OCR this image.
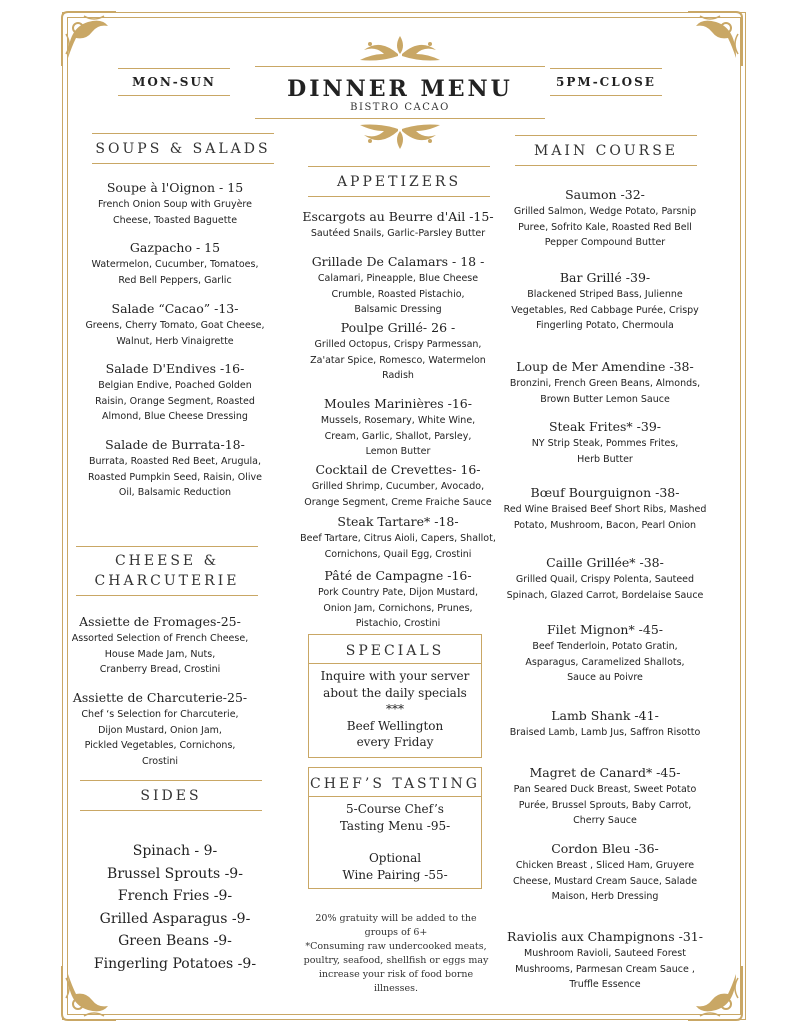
MON-SUN	5PM-CLOSE
DINNER MENU
BISTRO CACAO
SOUPS & SALADS
Soupe à l'Oignon - 15
French Onion Soup with Gruyère
Cheese, Toasted Baguette
Gazpacho - 15
Watermelon, Cucumber, Tomatoes,
Red Bell Peppers, Garlic
Salade “Cacao” -13-
Greens, Cherry Tomato, Goat Cheese,
Walnut, Herb Vinaigrette
Salade D'Endives -16-
Belgian Endive, Poached Golden
Raisin, Orange Segment, Roasted
Almond, Blue Cheese Dressing
Salade de Burrata-18-
Burrata, Roasted Red Beet, Arugula,
Roasted Pumpkin Seed, Raisin, Olive
Oil, Balsamic Reduction
CHEESE &
CHARCUTERIE
Assiette de Fromages-25-
Assorted Selection of French Cheese,
House Made Jam, Nuts,
Cranberry Bread, Crostini
Assiette de Charcuterie-25-
Chef ‘s Selection for Charcuterie,
Dijon Mustard, Onion Jam,
Pickled Vegetables, Cornichons,
Crostini
SIDES
Spinach - 9-
Brussel Sprouts -9-
French Fries -9-
Grilled Asparagus -9-
Green Beans -9-
Fingerling Potatoes -9-
APPETIZERS
Escargots au Beurre d'Ail -15-
Sautéed Snails, Garlic-Parsley Butter
Grillade De Calamars - 18 -
Calamari, Pineapple, Blue Cheese
Crumble, Roasted Pistachio,
Balsamic Dressing
Poulpe Grillé- 26 -
Grilled Octopus, Crispy Parmessan,
Za'atar Spice, Romesco, Watermelon
Radish
Moules Marinières -16-
Mussels, Rosemary, White Wine,
Cream, Garlic, Shallot, Parsley,
Lemon Butter
Cocktail de Crevettes- 16-
Grilled Shrimp, Cucumber, Avocado,
Orange Segment, Creme Fraiche Sauce
Steak Tartare* -18-
Beef Tartare, Citrus Aioli, Capers, Shallot,
Cornichons, Quail Egg, Crostini
Pâté de Campagne -16-
Pork Country Pate, Dijon Mustard,
Onion Jam, Cornichons, Prunes,
Pistachio, Crostini
SPECIALS
Inquire with your server
about the daily specials
***
Beef Wellington
every Friday
CHEF’S TASTING
5-Course Chef’s
Tasting Menu -95-
Optional
Wine Pairing -55-
20% gratuity will be added to the
groups of 6+
*Consuming raw undercooked meats,
poultry, seafood, shellfish or eggs may
increase your risk of food borne
illnesses.
MAIN COURSE
Saumon -32-
Grilled Salmon, Wedge Potato, Parsnip
Puree, Sofrito Kale, Roasted Red Bell
Pepper Compound Butter
Bar Grillé -39-
Blackened Striped Bass, Julienne
Vegetables, Red Cabbage Purée, Crispy
Fingerling Potato, Chermoula
Loup de Mer Amendine -38-
Bronzini, French Green Beans, Almonds,
Brown Butter Lemon Sauce
Steak Frites* -39-
NY Strip Steak, Pommes Frites,
Herb Butter
Bœuf Bourguignon -38-
Red Wine Braised Beef Short Ribs, Mashed
Potato, Mushroom, Bacon, Pearl Onion
Caille Grillée* -38-
Grilled Quail, Crispy Polenta, Sauteed
Spinach, Glazed Carrot, Bordelaise Sauce
Filet Mignon* -45-
Beef Tenderloin, Potato Gratin,
Asparagus, Caramelized Shallots,
Sauce au Poivre
Lamb Shank -41-
Braised Lamb, Lamb Jus, Saffron Risotto
Magret de Canard* -45-
Pan Seared Duck Breast, Sweet Potato
Purée, Brussel Sprouts, Baby Carrot,
Cherry Sauce
Cordon Bleu -36-
Chicken Breast , Sliced Ham, Gruyere
Cheese, Mustard Cream Sauce, Salade
Maison, Herb Dressing
Raviolis aux Champignons -31-
Mushroom Ravioli, Sauteed Forest
Mushrooms, Parmesan Cream Sauce ,
Truffle Essence
